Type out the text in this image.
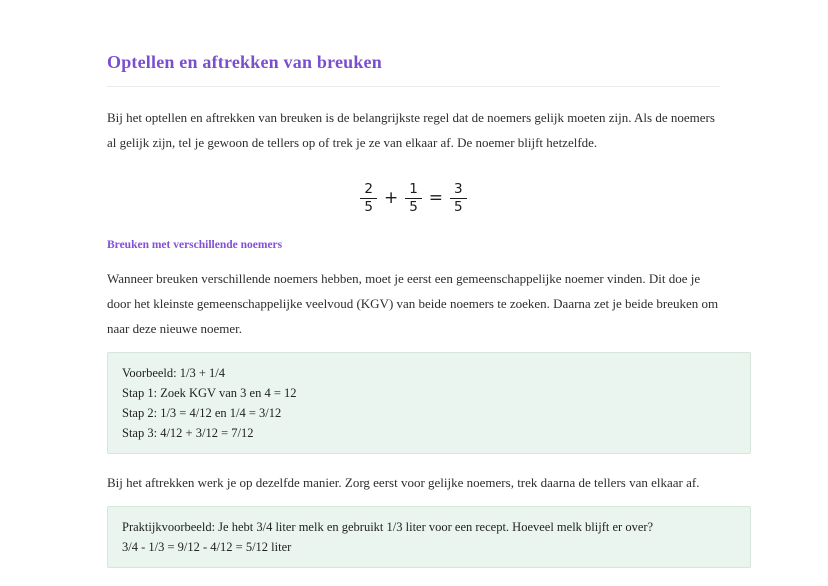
Optellen en aftrekken van breuken

Bij het optellen en aftrekken van breuken is de belangrijkste regel dat de noemers gelijk moeten zijn. Als de noemers al gelijk zijn, tel je gewoon de tellers op of trek je ze van elkaar af. De noemer blijft hetzelfde.

$\frac{2}{5} + \frac{1}{5} = \frac{3}{5}$
Breuken met verschillende noemers

Wanneer breuken verschillende noemers hebben, moet je eerst een gemeenschappelijke noemer vinden. Dit doe je door het kleinste gemeenschappelijke veelvoud (KGV) van beide noemers te zoeken. Daarna zet je beide breuken om naar deze nieuwe noemer.

Voorbeeld: 1/3 + 1/4
Stap 1: Zoek KGV van 3 en 4 = 12
Stap 2: 1/3 = 4/12 en 1/4 = 3/12
Stap 3: 4/12 + 3/12 = 7/12

Bij het aftrekken werk je op dezelfde manier. Zorg eerst voor gelijke noemers, trek daarna de tellers van elkaar af.

Praktijkvoorbeeld: Je hebt 3/4 liter melk en gebruikt 1/3 liter voor een recept. Hoeveel melk blijft er over?
3/4 - 1/3 = 9/12 - 4/12 = 5/12 liter
